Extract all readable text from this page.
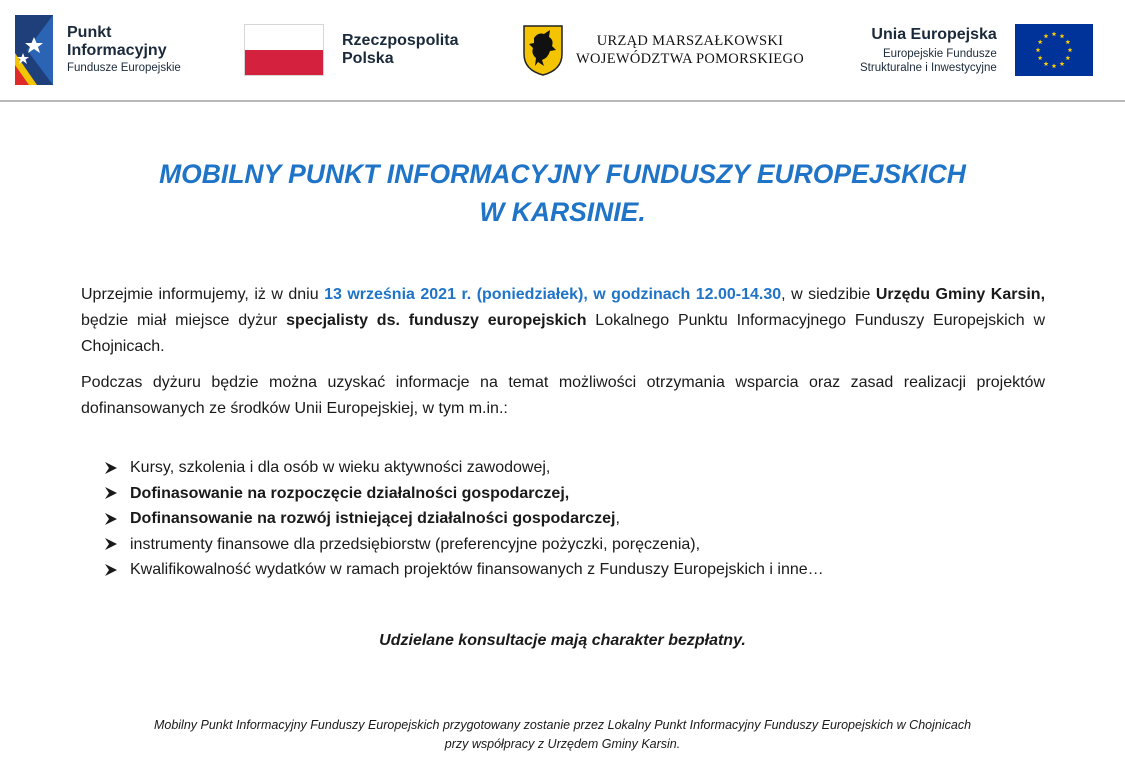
Punkt
Informacyjny
Fundusze Europejskie
Rzeczpospolita
Polska
URZĄD MARSZAŁKOWSKI
WOJEWÓDZTWA POMORSKIEGO
Unia Europejska
Europejskie Fundusze
Strukturalne i Inwestycyjne
MOBILNY PUNKT INFORMACYJNY FUNDUSZY EUROPEJSKICH
W KARSINIE.
Uprzejmie informujemy, iż w dniu 13 września 2021 r. (poniedziałek), w godzinach 12.00-14.30, w siedzibie Urzędu Gminy Karsin, będzie miał miejsce dyżur specjalisty ds. funduszy europejskich Lokalnego Punktu Informacyjnego Funduszy Europejskich w Chojnicach.
Podczas dyżuru będzie można uzyskać informacje na temat możliwości otrzymania wsparcia oraz zasad realizacji projektów dofinansowanych ze środków Unii Europejskiej, w tym m.in.:
Kursy, szkolenia i dla osób w wieku aktywności zawodowej,
Dofinasowanie na rozpoczęcie działalności gospodarczej,
Dofinansowanie na rozwój istniejącej działalności gospodarczej,
instrumenty finansowe dla przedsiębiorstw (preferencyjne pożyczki, poręczenia),
Kwalifikowalność wydatków w ramach projektów finansowanych z Funduszy Europejskich i inne…
Udzielane konsultacje mają charakter bezpłatny.
Mobilny Punkt Informacyjny Funduszy Europejskich przygotowany zostanie przez Lokalny Punkt Informacyjny Funduszy Europejskich w Chojnicach
przy współpracy z Urzędem Gminy Karsin.
